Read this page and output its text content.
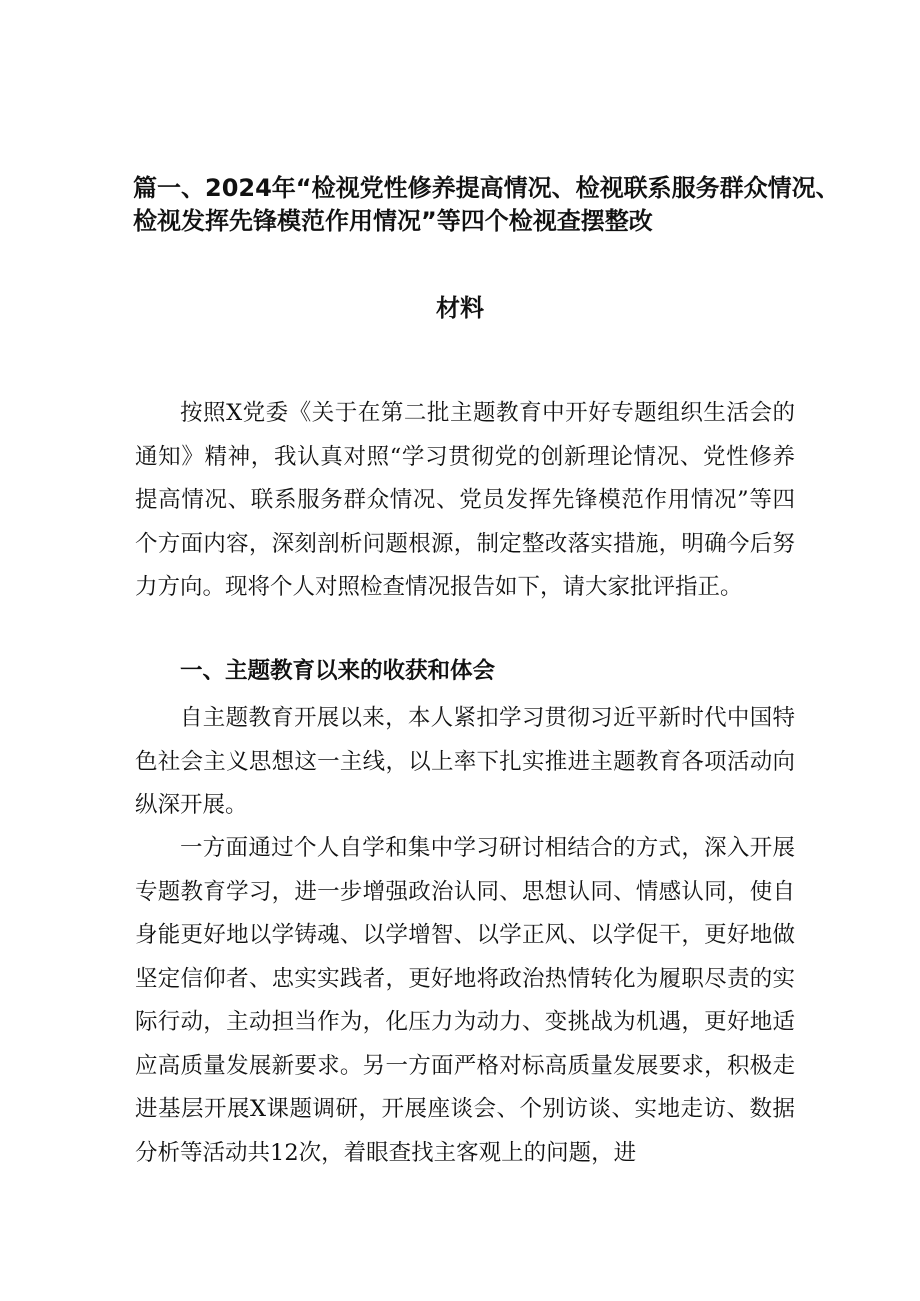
篇一、2024年“检视党性修养提高情况、检视联系服务群众情况、
检视发挥先锋模范作用情况”等四个检视查摆整改
材料
按照X党委《关于在第二批主题教育中开好专题组织生活会的通知》精神，我认真对照“学习贯彻党的创新理论情况、党性修养提高情况、联系服务群众情况、党员发挥先锋模范作用情况”等四个方面内容，深刻剖析问题根源，制定整改落实措施，明确今后努力方向。现将个人对照检查情况报告如下，请大家批评指正。
一、主题教育以来的收获和体会
自主题教育开展以来，本人紧扣学习贯彻习近平新时代中国特色社会主义思想这一主线，以上率下扎实推进主题教育各项活动向纵深开展。
一方面通过个人自学和集中学习研讨相结合的方式，深入开展专题教育学习，进一步增强政治认同、思想认同、情感认同，使自身能更好地以学铸魂、以学增智、以学正风、以学促干，更好地做坚定信仰者、忠实实践者，更好地将政治热情转化为履职尽责的实际行动，主动担当作为，化压力为动力、变挑战为机遇，更好地适应高质量发展新要求。另一方面严格对标高质量发展要求，积极走进基层开展X课题调研，开展座谈会、个别访谈、实地走访、数据分析等活动共12次，着眼查找主客观上的问题，进
